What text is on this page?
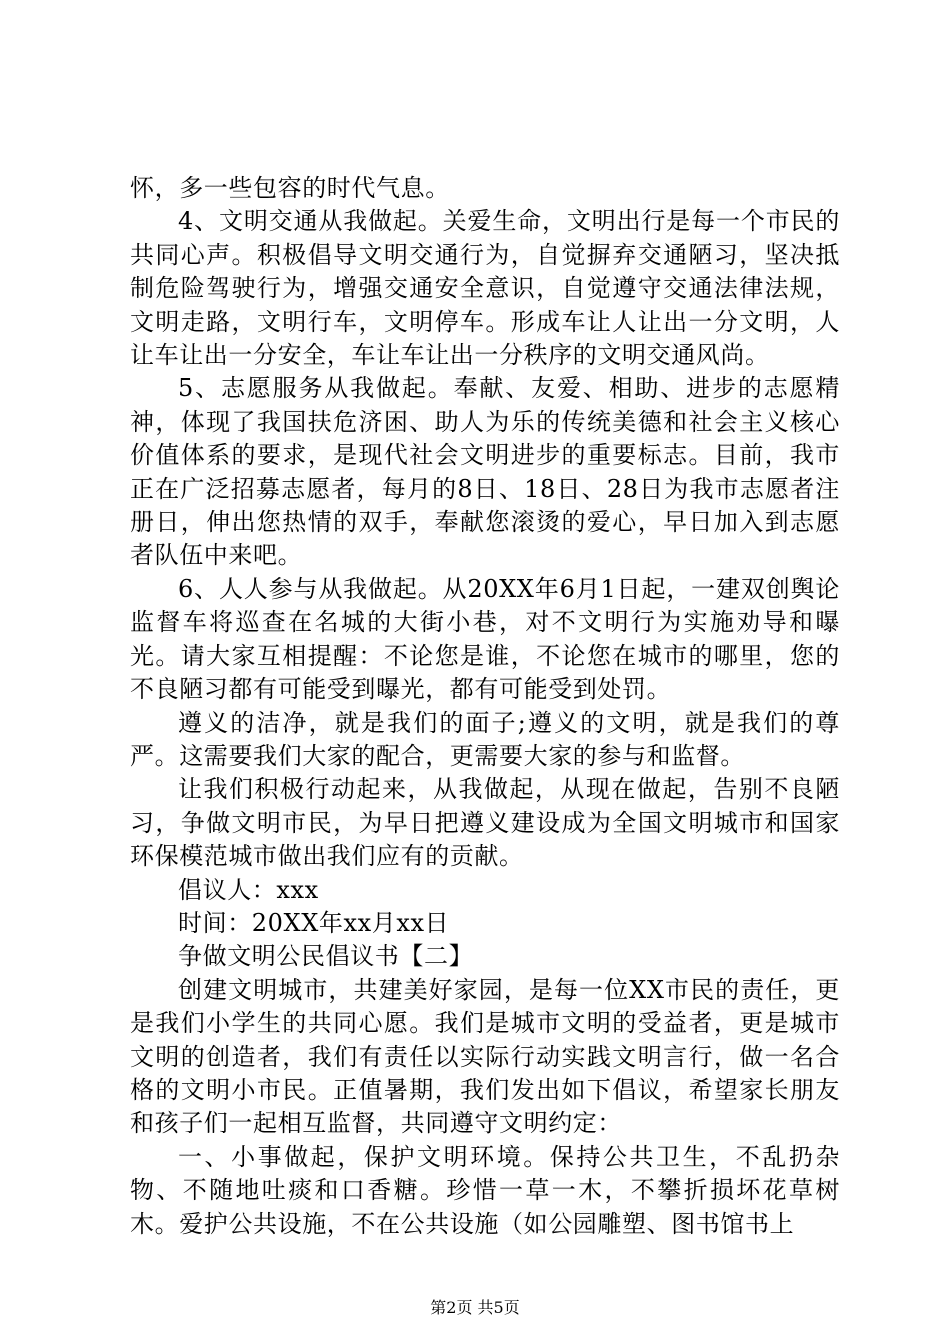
怀，多一些包容的时代气息。

4、文明交通从我做起。关爱生命，文明出行是每一个市民的共同心声。积极倡导文明交通行为，自觉摒弃交通陋习，坚决抵制危险驾驶行为，增强交通安全意识，自觉遵守交通法律法规，文明走路，文明行车，文明停车。形成车让人让出一分文明，人让车让出一分安全，车让车让出一分秩序的文明交通风尚。

5、志愿服务从我做起。奉献、友爱、相助、进步的志愿精神，体现了我国扶危济困、助人为乐的传统美德和社会主义核心价值体系的要求，是现代社会文明进步的重要标志。目前，我市正在广泛招募志愿者，每月的8日、18日、28日为我市志愿者注册日，伸出您热情的双手，奉献您滚烫的爱心，早日加入到志愿者队伍中来吧。

6、人人参与从我做起。从20XX年6月1日起，一建双创舆论监督车将巡查在名城的大街小巷，对不文明行为实施劝导和曝光。请大家互相提醒：不论您是谁，不论您在城市的哪里，您的不良陋习都有可能受到曝光，都有可能受到处罚。

遵义的洁净，就是我们的面子;遵义的文明，就是我们的尊严。这需要我们大家的配合，更需要大家的参与和监督。

让我们积极行动起来，从我做起，从现在做起，告别不良陋习，争做文明市民，为早日把遵义建设成为全国文明城市和国家环保模范城市做出我们应有的贡献。

倡议人：xxx

时间：20XX年xx月xx日

争做文明公民倡议书【二】

创建文明城市，共建美好家园，是每一位XX市民的责任，更是我们小学生的共同心愿。我们是城市文明的受益者，更是城市文明的创造者，我们有责任以实际行动实践文明言行，做一名合格的文明小市民。正值暑期，我们发出如下倡议，希望家长朋友和孩子们一起相互监督，共同遵守文明约定：

一、小事做起，保护文明环境。保持公共卫生，不乱扔杂物、不随地吐痰和口香糖。珍惜一草一木，不攀折损坏花草树木。爱护公共设施，不在公共设施（如公园雕塑、图书馆书上

第2页 共5页
